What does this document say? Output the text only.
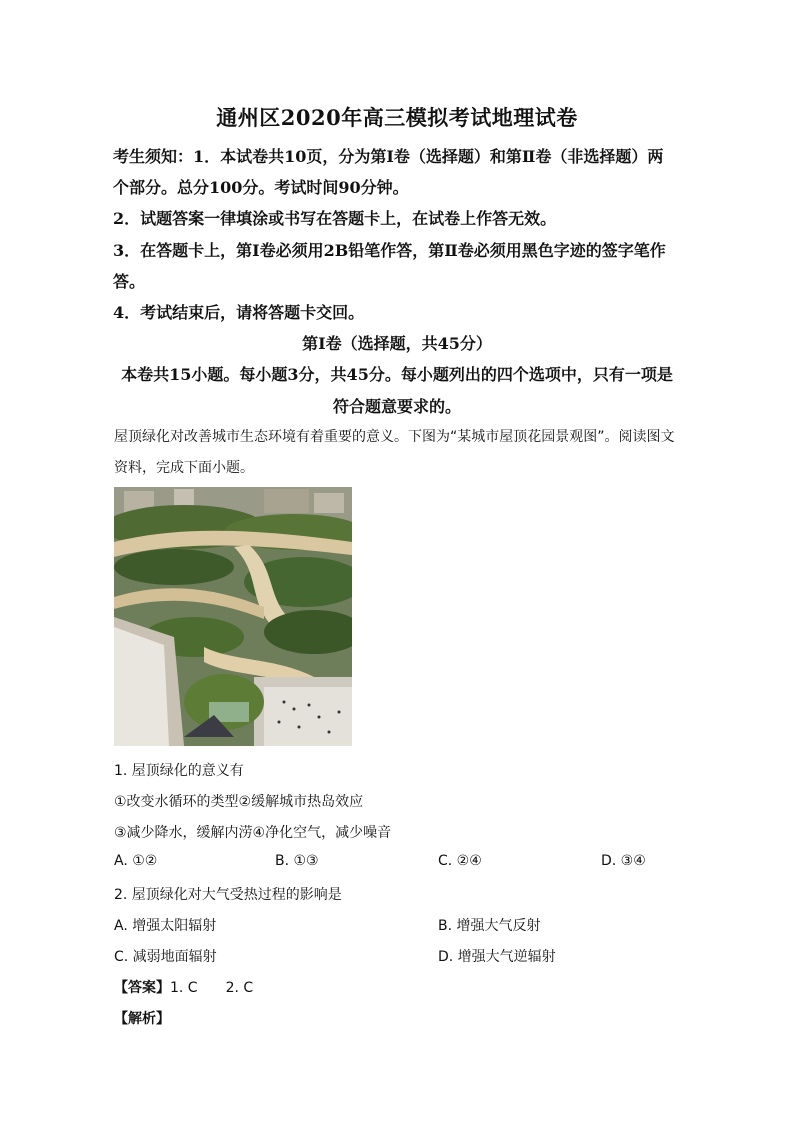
通州区2020年高三模拟考试地理试卷
考生须知：1．本试卷共10页，分为第Ⅰ卷（选择题）和第Ⅱ卷（非选择题）两
个部分。总分100分。考试时间90分钟。
2．试题答案一律填涂或书写在答题卡上，在试卷上作答无效。
3．在答题卡上，第Ⅰ卷必须用2B铅笔作答，第Ⅱ卷必须用黑色字迹的签字笔作
答。
4．考试结束后，请将答题卡交回。
第Ⅰ卷（选择题，共45分）
本卷共15小题。每小题3分，共45分。每小题列出的四个选项中，只有一项是
符合题意要求的。
屋顶绿化对改善城市生态环境有着重要的意义。下图为“某城市屋顶花园景观图”。阅读图文
资料，完成下面小题。
1. 屋顶绿化的意义有
①改变水循环的类型②缓解城市热岛效应
③减少降水，缓解内涝④净化空气，减少噪音
A. ①②	B. ①③	C. ②④	D. ③④
2. 屋顶绿化对大气受热过程的影响是
A. 增强太阳辐射	B. 增强大气反射
C. 减弱地面辐射	D. 增强大气逆辐射
【答案】1. C 2. C
【解析】
